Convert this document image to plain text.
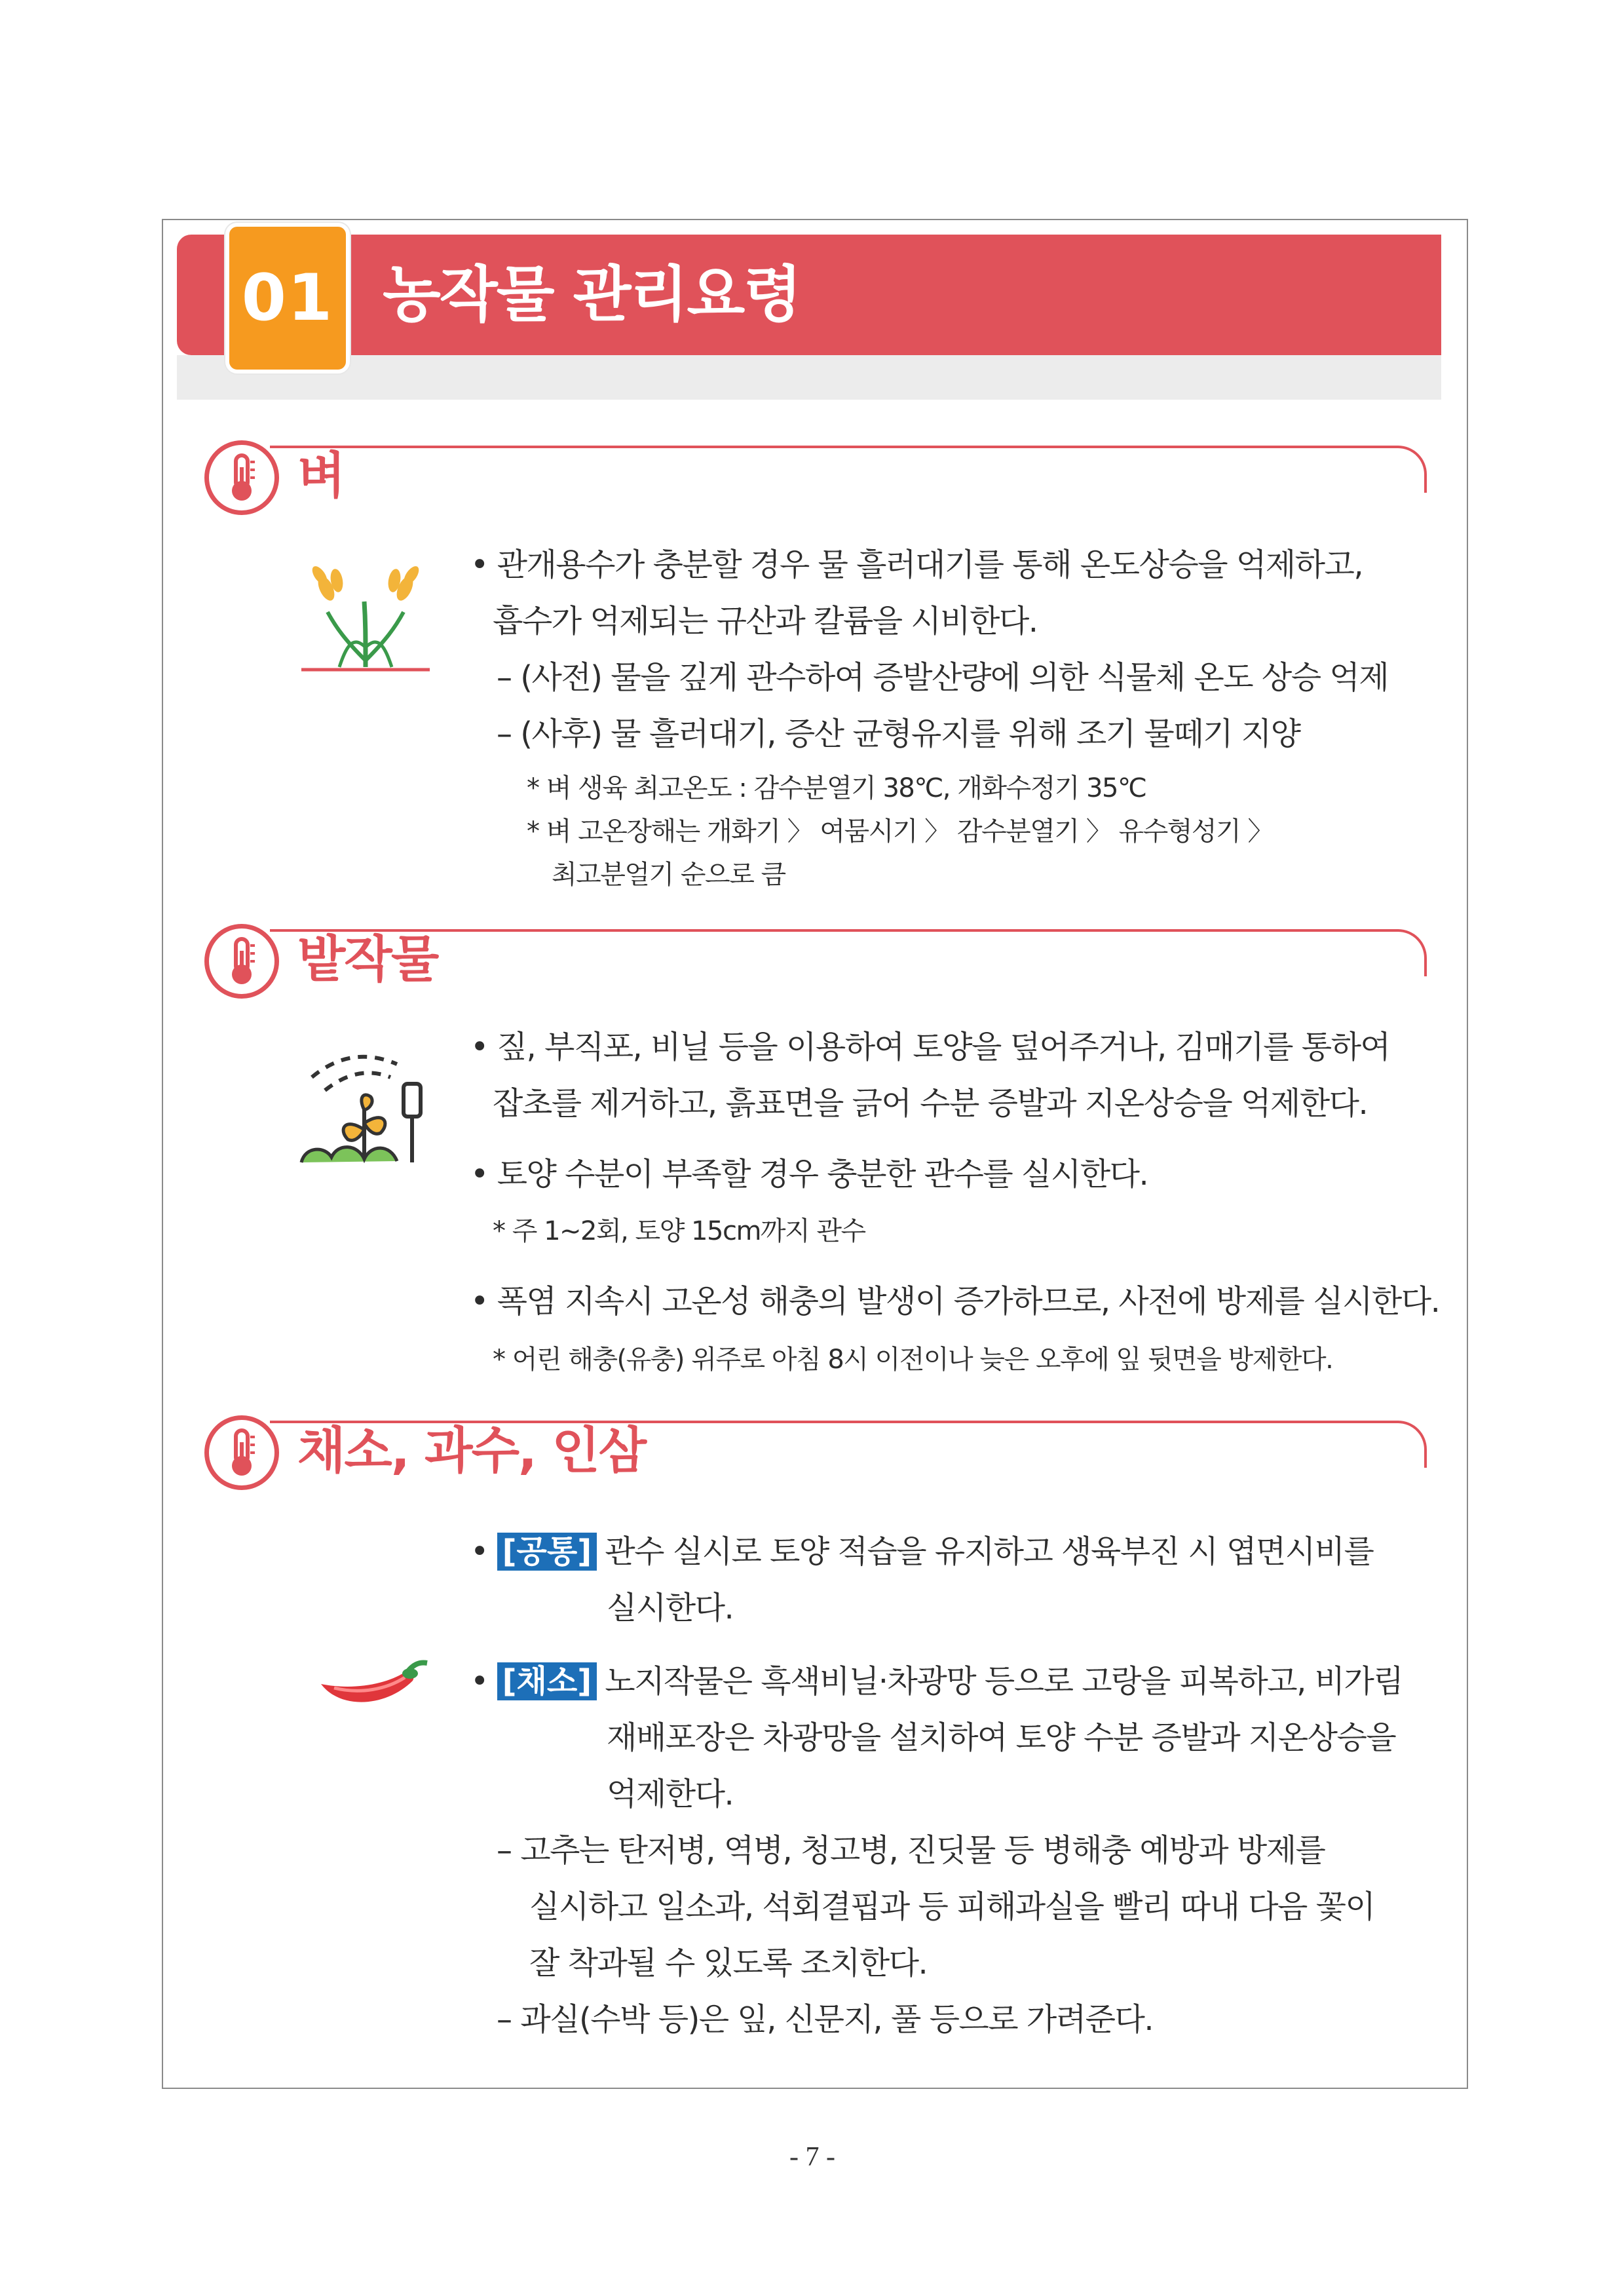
01 농작물 관리요령
벼
• 관개용수가 충분할 경우 물 흘러대기를 통해 온도상승을 억제하고,
흡수가 억제되는 규산과 칼륨을 시비한다.
– (사전) 물을 깊게 관수하여 증발산량에 의한 식물체 온도 상승 억제
– (사후) 물 흘러대기, 증산 균형유지를 위해 조기 물떼기 지양
* 벼 생육 최고온도 : 감수분열기 38℃, 개화수정기 35℃
* 벼 고온장해는 개화기 〉 여뭄시기 〉 감수분열기 〉 유수형성기 〉
최고분얼기 순으로 큼
밭작물
• 짚, 부직포, 비닐 등을 이용하여 토양을 덮어주거나, 김매기를 통하여
잡초를 제거하고, 흙표면을 긁어 수분 증발과 지온상승을 억제한다.
• 토양 수분이 부족할 경우 충분한 관수를 실시한다.
* 주 1~2회, 토양 15cm까지 관수
• 폭염 지속시 고온성 해충의 발생이 증가하므로, 사전에 방제를 실시한다.
* 어린 해충(유충) 위주로 아침 8시 이전이나 늦은 오후에 잎 뒷면을 방제한다.
채소, 과수, 인삼
• [공통] 관수 실시로 토양 적습을 유지하고 생육부진 시 엽면시비를
실시한다.
• [채소] 노지작물은 흑색비닐·차광망 등으로 고랑을 피복하고, 비가림
재배포장은 차광망을 설치하여 토양 수분 증발과 지온상승을
억제한다.
– 고추는 탄저병, 역병, 청고병, 진딧물 등 병해충 예방과 방제를
실시하고 일소과, 석회결핍과 등 피해과실을 빨리 따내 다음 꽃이
잘 착과될 수 있도록 조치한다.
– 과실(수박 등)은 잎, 신문지, 풀 등으로 가려준다.
- 7 -
